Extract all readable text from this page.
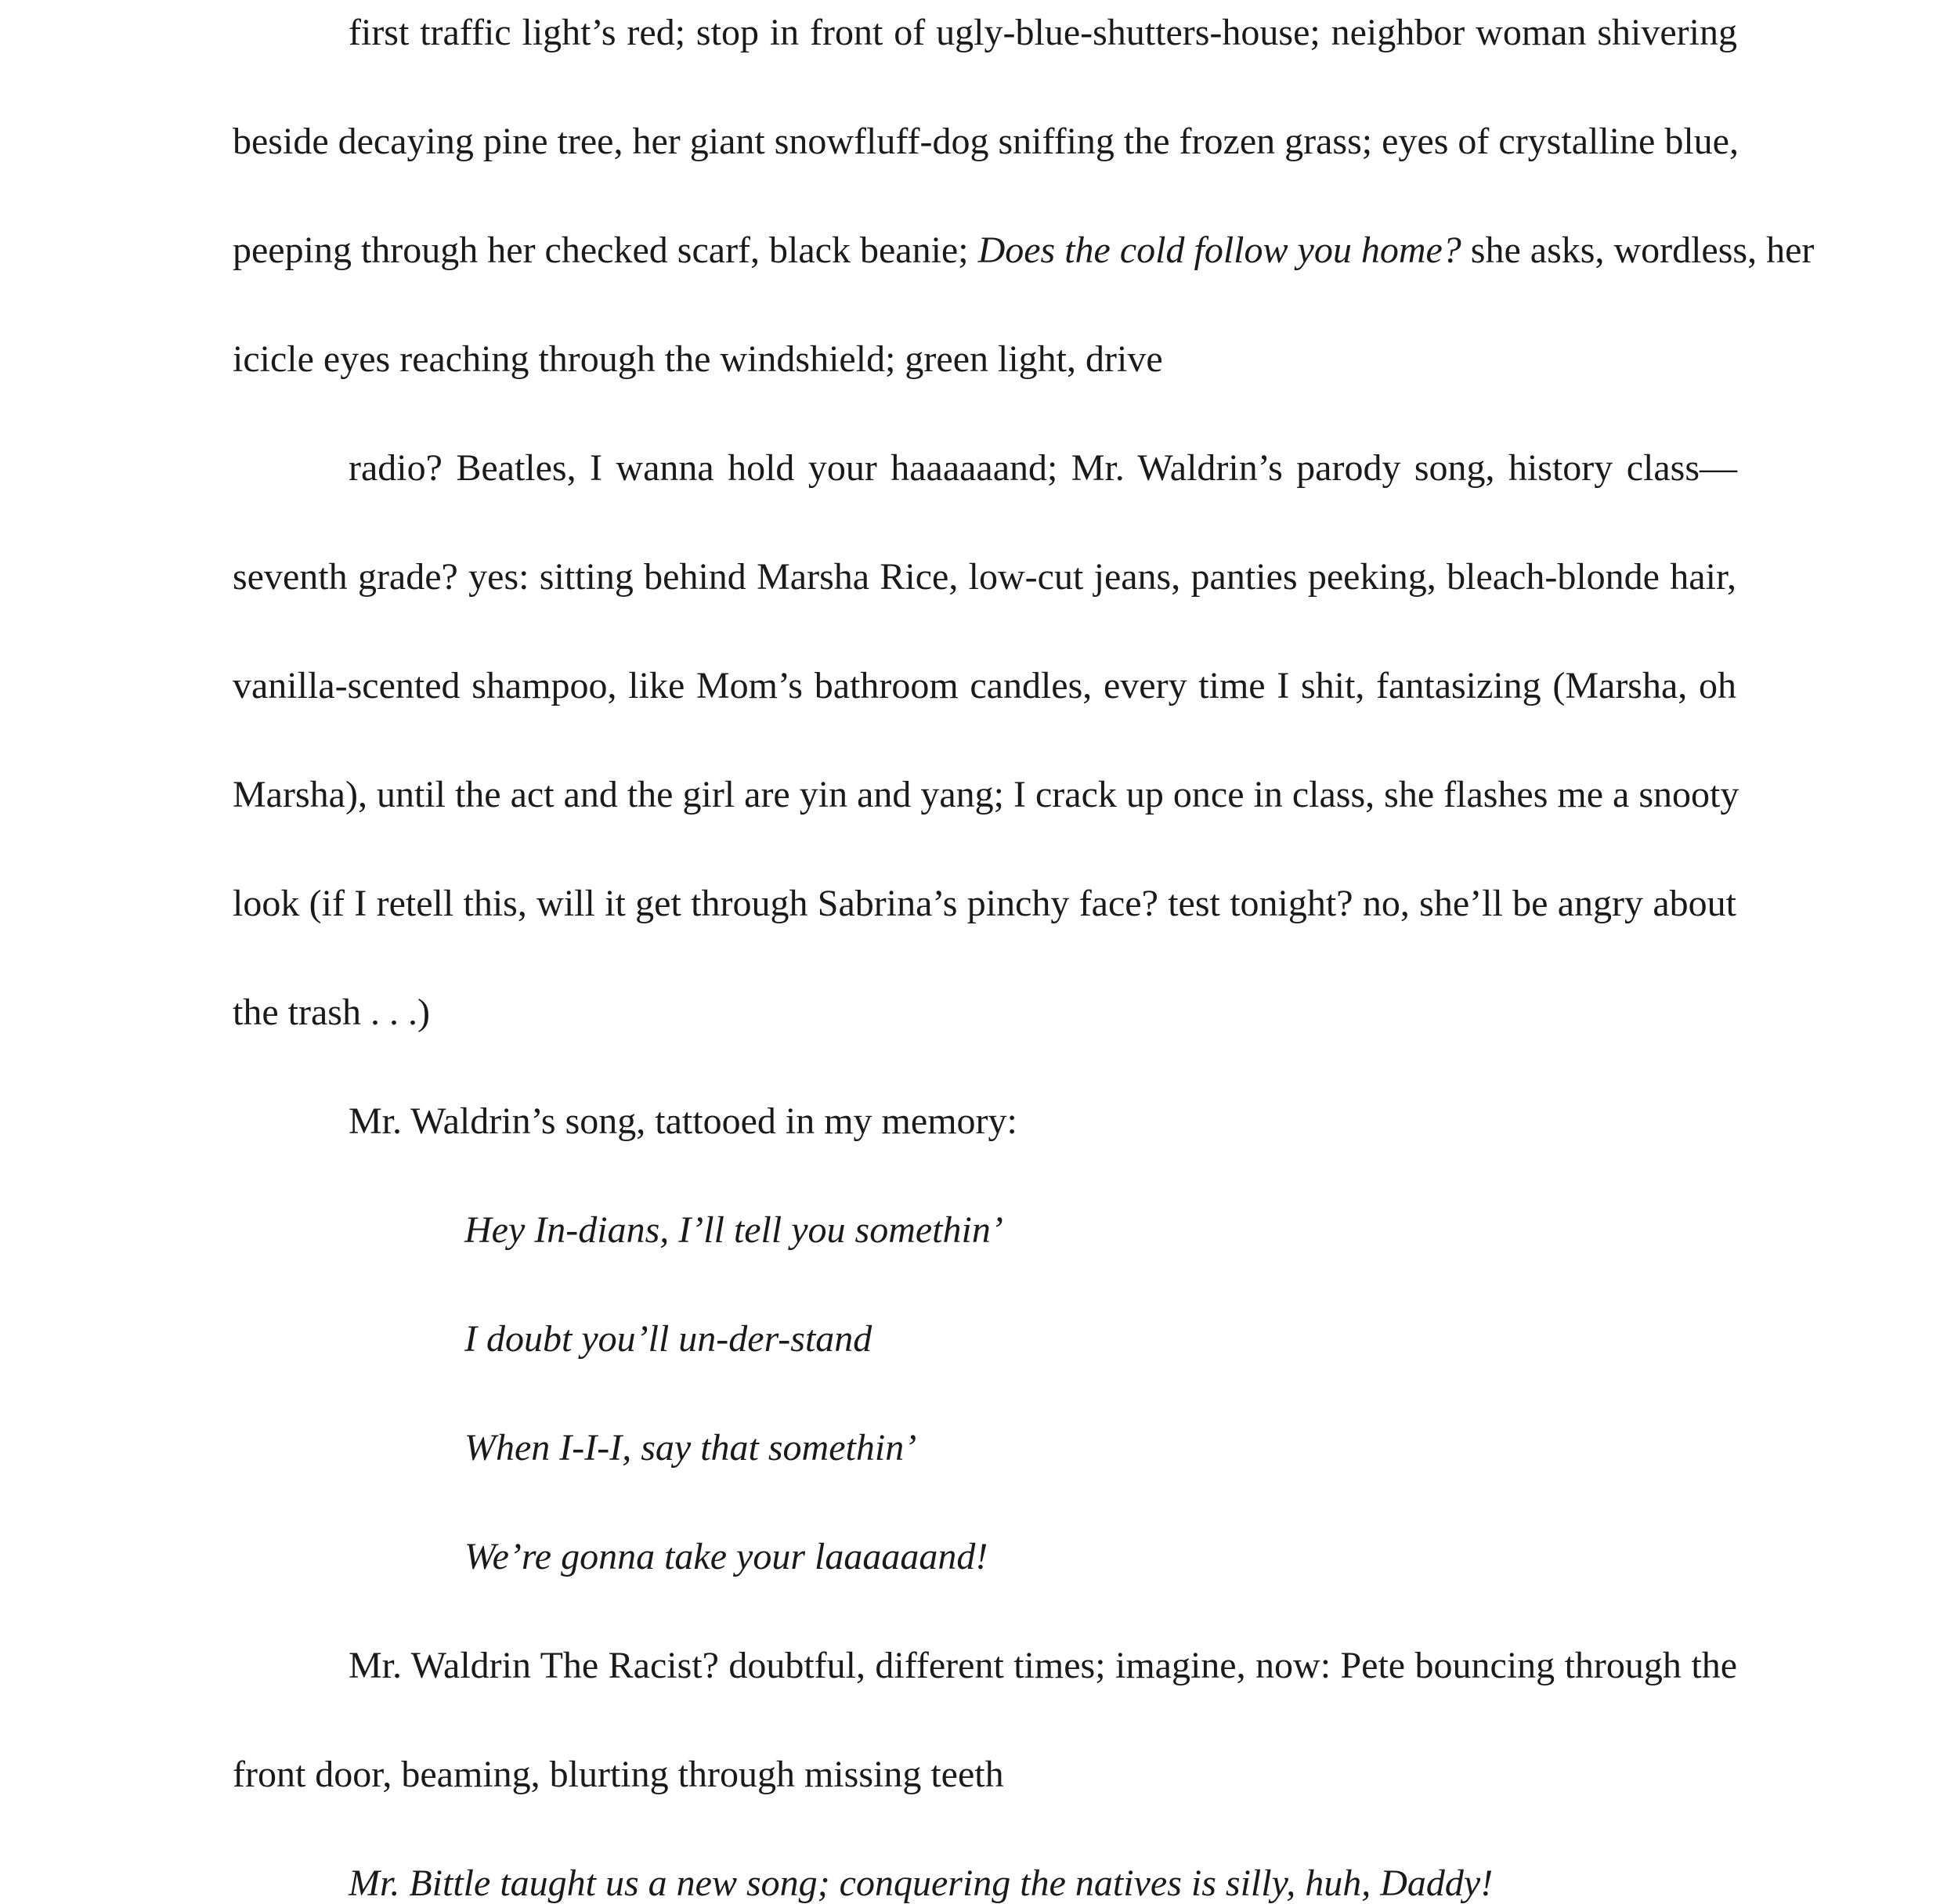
first traffic light’s red; stop in front of ugly-blue-shutters-house; neighbor woman shivering
beside decaying pine tree, her giant snowfluff-dog sniffing the frozen grass; eyes of crystalline blue,
peeping through her checked scarf, black beanie; Does the cold follow you home? she asks, wordless, her
icicle eyes reaching through the windshield; green light, drive
radio? Beatles, I wanna hold your haaaaaand; Mr. Waldrin’s parody song, history class—
seventh grade? yes: sitting behind Marsha Rice, low-cut jeans, panties peeking, bleach-blonde hair,
vanilla-scented shampoo, like Mom’s bathroom candles, every time I shit, fantasizing (Marsha, oh
Marsha), until the act and the girl are yin and yang; I crack up once in class, she flashes me a snooty
look (if I retell this, will it get through Sabrina’s pinchy face? test tonight? no, she’ll be angry about
the trash . . .)
Mr. Waldrin’s song, tattooed in my memory:
Hey In-dians, I’ll tell you somethin’
I doubt you’ll un-der-stand
When I-I-I, say that somethin’
We’re gonna take your laaaaaand!
Mr. Waldrin The Racist? doubtful, different times; imagine, now: Pete bouncing through the
front door, beaming, blurting through missing teeth
Mr. Bittle taught us a new song; conquering the natives is silly, huh, Daddy!
